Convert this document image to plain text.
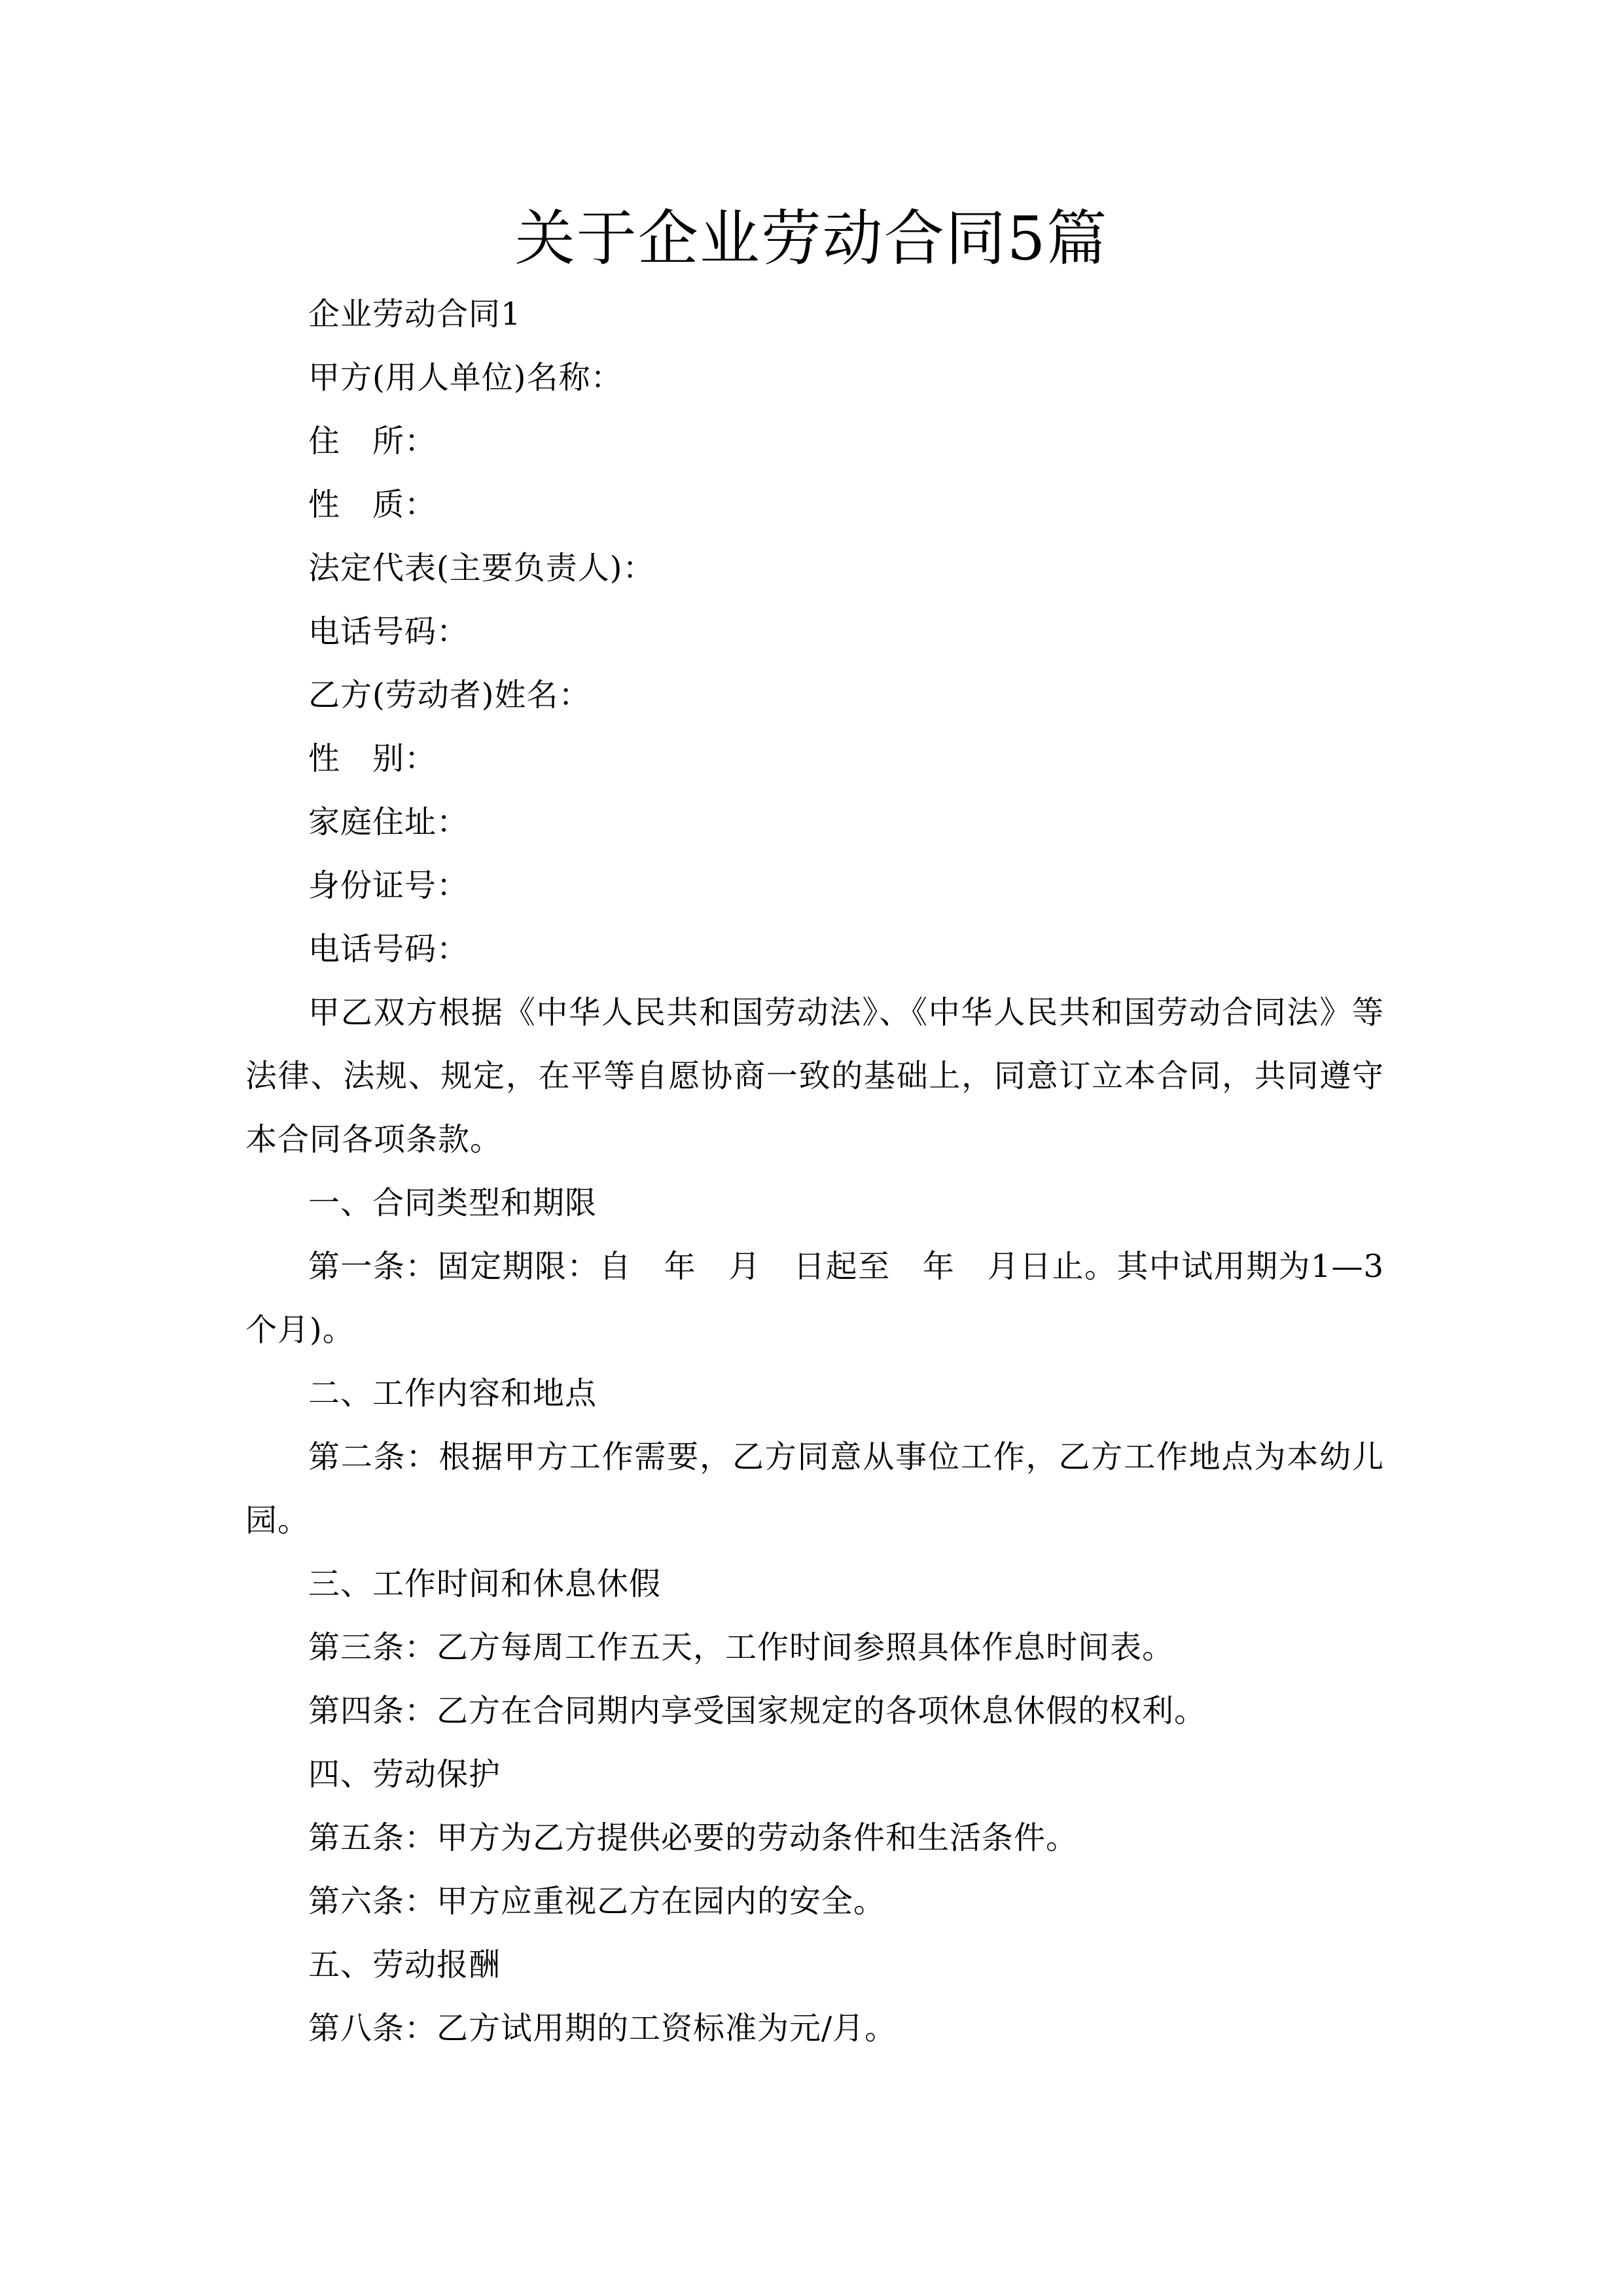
关于企业劳动合同5篇

企业劳动合同1

甲方(用人单位)名称：

住　所：

性　质：

法定代表(主要负责人)：

电话号码：

乙方(劳动者)姓名：

性　别：

家庭住址：

身份证号：

电话号码：

甲乙双方根据《中华人民共和国劳动法》、《中华人民共和国劳动合同法》等法律、法规、规定，在平等自愿协商一致的基础上，同意订立本合同，共同遵守本合同各项条款。

一、合同类型和期限

第一条：固定期限：自　年　月　日起至　年　月日止。其中试用期为1—3个月)。

二、工作内容和地点

第二条：根据甲方工作需要，乙方同意从事位工作，乙方工作地点为本幼儿园。

三、工作时间和休息休假

第三条：乙方每周工作五天，工作时间参照具体作息时间表。

第四条：乙方在合同期内享受国家规定的各项休息休假的权利。

四、劳动保护

第五条：甲方为乙方提供必要的劳动条件和生活条件。

第六条：甲方应重视乙方在园内的安全。

五、劳动报酬

第八条：乙方试用期的工资标准为元/月。
